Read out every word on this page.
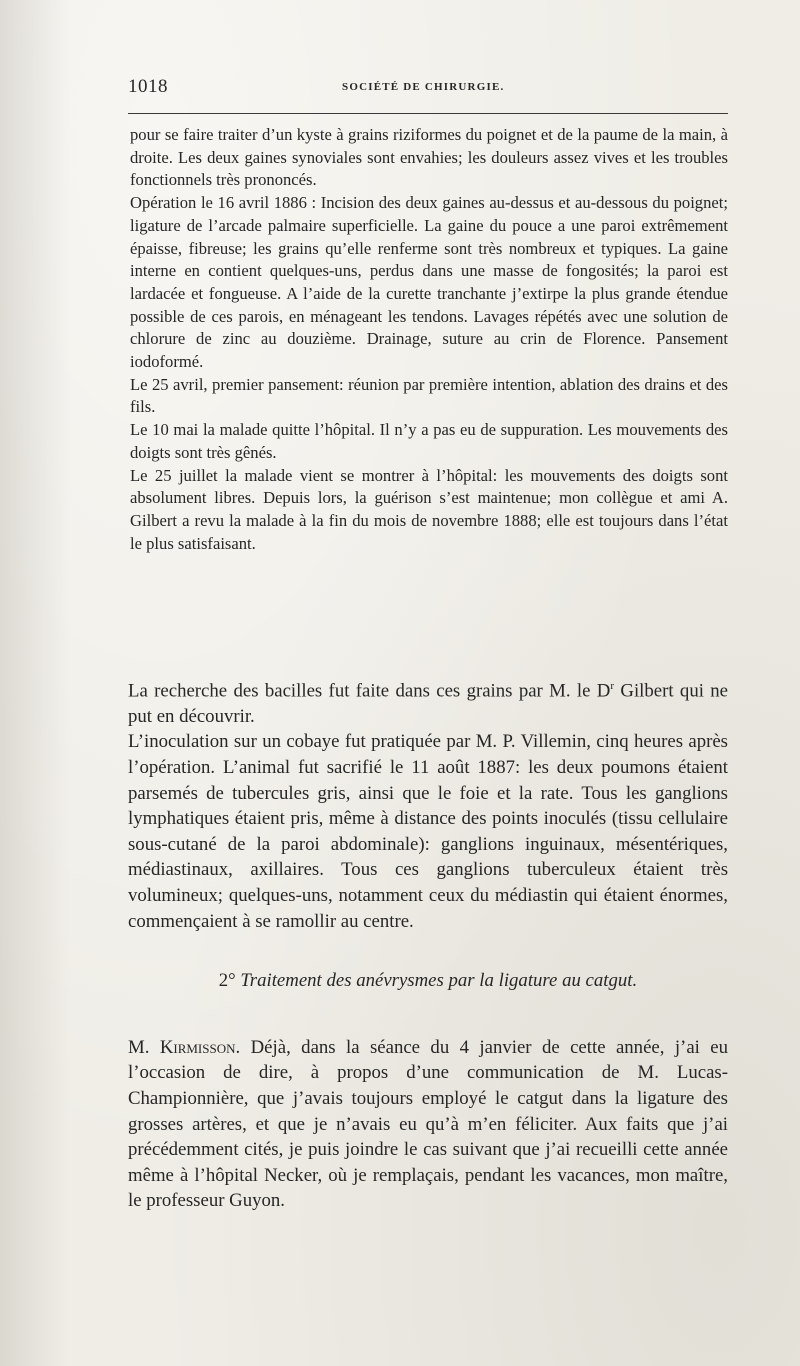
1018	SOCIÉTÉ DE CHIRURGIE.

pour se faire traiter d’un kyste à grains riziformes du poignet et de la paume de la main, à droite. Les deux gaines synoviales sont envahies; les douleurs assez vives et les troubles fonctionnels très prononcés.

Opération le 16 avril 1886 : Incision des deux gaines au-dessus et au-dessous du poignet; ligature de l’arcade palmaire superficielle. La gaine du pouce a une paroi extrêmement épaisse, fibreuse; les grains qu’elle renferme sont très nombreux et typiques. La gaine interne en contient quelques-uns, perdus dans une masse de fongosités; la paroi est lardacée et fongueuse. A l’aide de la curette tranchante j’extirpe la plus grande étendue possible de ces parois, en ménageant les tendons. Lavages répétés avec une solution de chlorure de zinc au douzième. Drainage, suture au crin de Florence. Pansement iodoformé.

Le 25 avril, premier pansement: réunion par première intention, ablation des drains et des fils.

Le 10 mai la malade quitte l’hôpital. Il n’y a pas eu de suppuration. Les mouvements des doigts sont très gênés.

Le 25 juillet la malade vient se montrer à l’hôpital: les mouvements des doigts sont absolument libres. Depuis lors, la guérison s’est maintenue; mon collègue et ami A. Gilbert a revu la malade à la fin du mois de novembre 1888; elle est toujours dans l’état le plus satisfaisant.

La recherche des bacilles fut faite dans ces grains par M. le $D^r$ Gilbert qui ne put en découvrir.

L’inoculation sur un cobaye fut pratiquée par M. P. Villemin, cinq heures après l’opération. L’animal fut sacrifié le 11 août 1887: les deux poumons étaient parsemés de tubercules gris, ainsi que le foie et la rate. Tous les ganglions lymphatiques étaient pris, même à distance des points inoculés (tissu cellulaire sous-cutané de la paroi abdominale): ganglions inguinaux, mésentériques, médiastinaux, axillaires. Tous ces ganglions tuberculeux étaient très volumineux; quelques-uns, notamment ceux du médiastin qui étaient énormes, commençaient à se ramollir au centre.

2° Traitement des anévrysmes par la ligature au catgut.

M. Kirmisson. Déjà, dans la séance du 4 janvier de cette année, j’ai eu l’occasion de dire, à propos d’une communication de M. Lucas-Championnière, que j’avais toujours employé le catgut dans la ligature des grosses artères, et que je n’avais eu qu’à m’en féliciter. Aux faits que j’ai précédemment cités, je puis joindre le cas suivant que j’ai recueilli cette année même à l’hôpital Necker, où je remplaçais, pendant les vacances, mon maître, le professeur Guyon.
